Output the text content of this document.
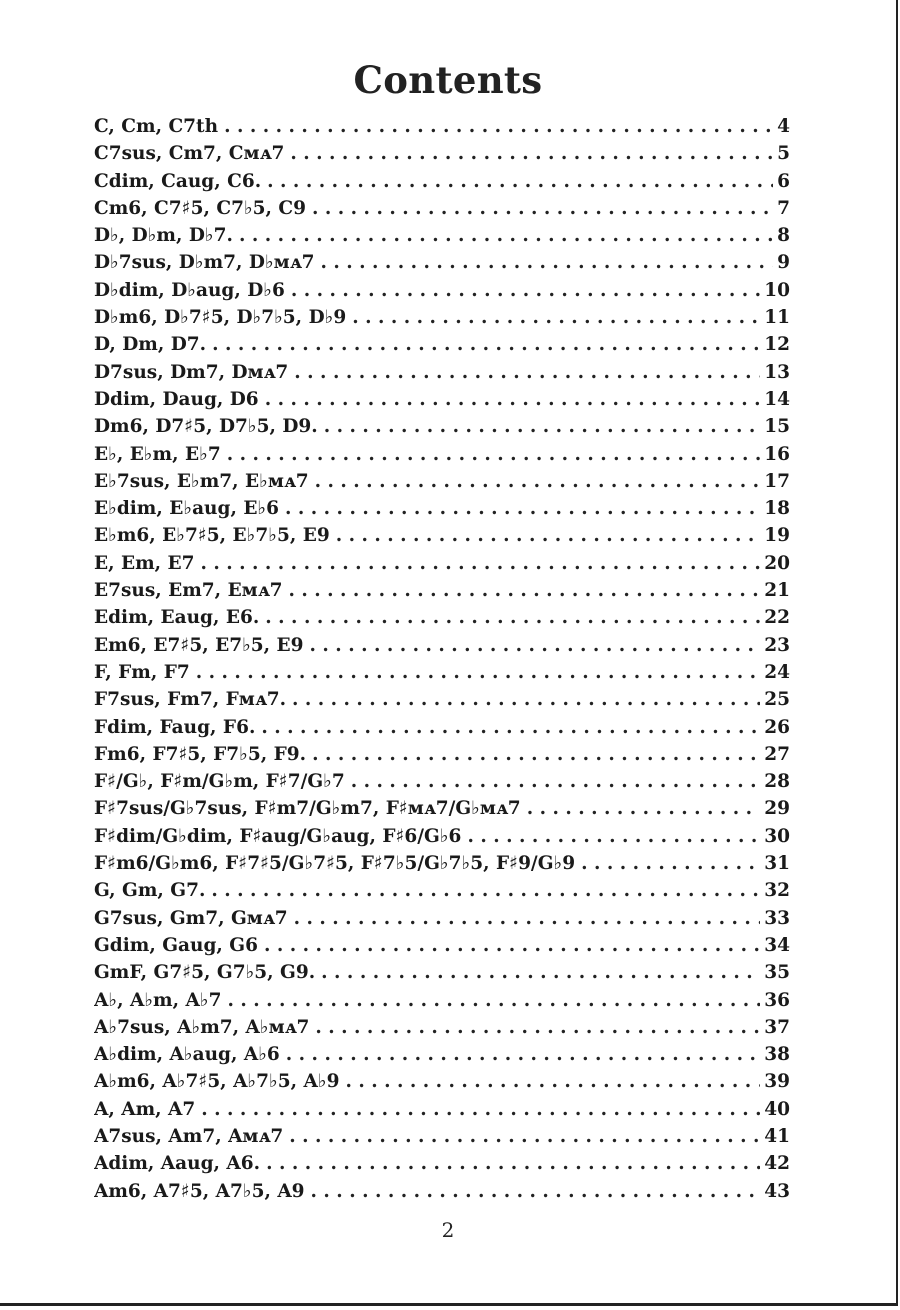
Contents
C, Cm, C7th . . .	4
C7sus, Cm7, Cᴍᴀ7 . . .	5
Cdim, Caug, C6. . . .	6
Cm6, C7♯5, C7♭5, C9 . . .	7
D♭, D♭m, D♭7. . . .	8
D♭7sus, D♭m7, D♭ᴍᴀ7 . . .	9
D♭dim, D♭aug, D♭6 . . .	10
D♭m6, D♭7♯5, D♭7♭5, D♭9 . . .	11
D, Dm, D7. . . .	12
D7sus, Dm7, Dᴍᴀ7 . . .	13
Ddim, Daug, D6 . . .	14
Dm6, D7♯5, D7♭5, D9. . . .	15
E♭, E♭m, E♭7 . . .	16
E♭7sus, E♭m7, E♭ᴍᴀ7 . . .	17
E♭dim, E♭aug, E♭6 . . .	18
E♭m6, E♭7♯5, E♭7♭5, E9 . . .	19
E, Em, E7 . . .	20
E7sus, Em7, Eᴍᴀ7 . . .	21
Edim, Eaug, E6. . . .	22
Em6, E7♯5, E7♭5, E9 . . .	23
F, Fm, F7 . . .	24
F7sus, Fm7, Fᴍᴀ7. . . .	25
Fdim, Faug, F6. . . .	26
Fm6, F7♯5, F7♭5, F9. . . .	27
F♯/G♭, F♯m/G♭m, F♯7/G♭7 . . .	28
F♯7sus/G♭7sus, F♯m7/G♭m7, F♯ᴍᴀ7/G♭ᴍᴀ7 . . .	29
F♯dim/G♭dim, F♯aug/G♭aug, F♯6/G♭6 . . .	30
F♯m6/G♭m6, F♯7♯5/G♭7♯5, F♯7♭5/G♭7♭5, F♯9/G♭9 . . .	31
G, Gm, G7. . . .	32
G7sus, Gm7, Gᴍᴀ7 . . .	33
Gdim, Gaug, G6 . . .	34
GmF, G7♯5, G7♭5, G9. . . .	35
A♭, A♭m, A♭7 . . .	36
A♭7sus, A♭m7, A♭ᴍᴀ7 . . .	37
A♭dim, A♭aug, A♭6 . . .	38
A♭m6, A♭7♯5, A♭7♭5, A♭9 . . .	39
A, Am, A7 . . .	40
A7sus, Am7, Aᴍᴀ7 . . .	41
Adim, Aaug, A6. . . .	42
Am6, A7♯5, A7♭5, A9 . . .	43
2
